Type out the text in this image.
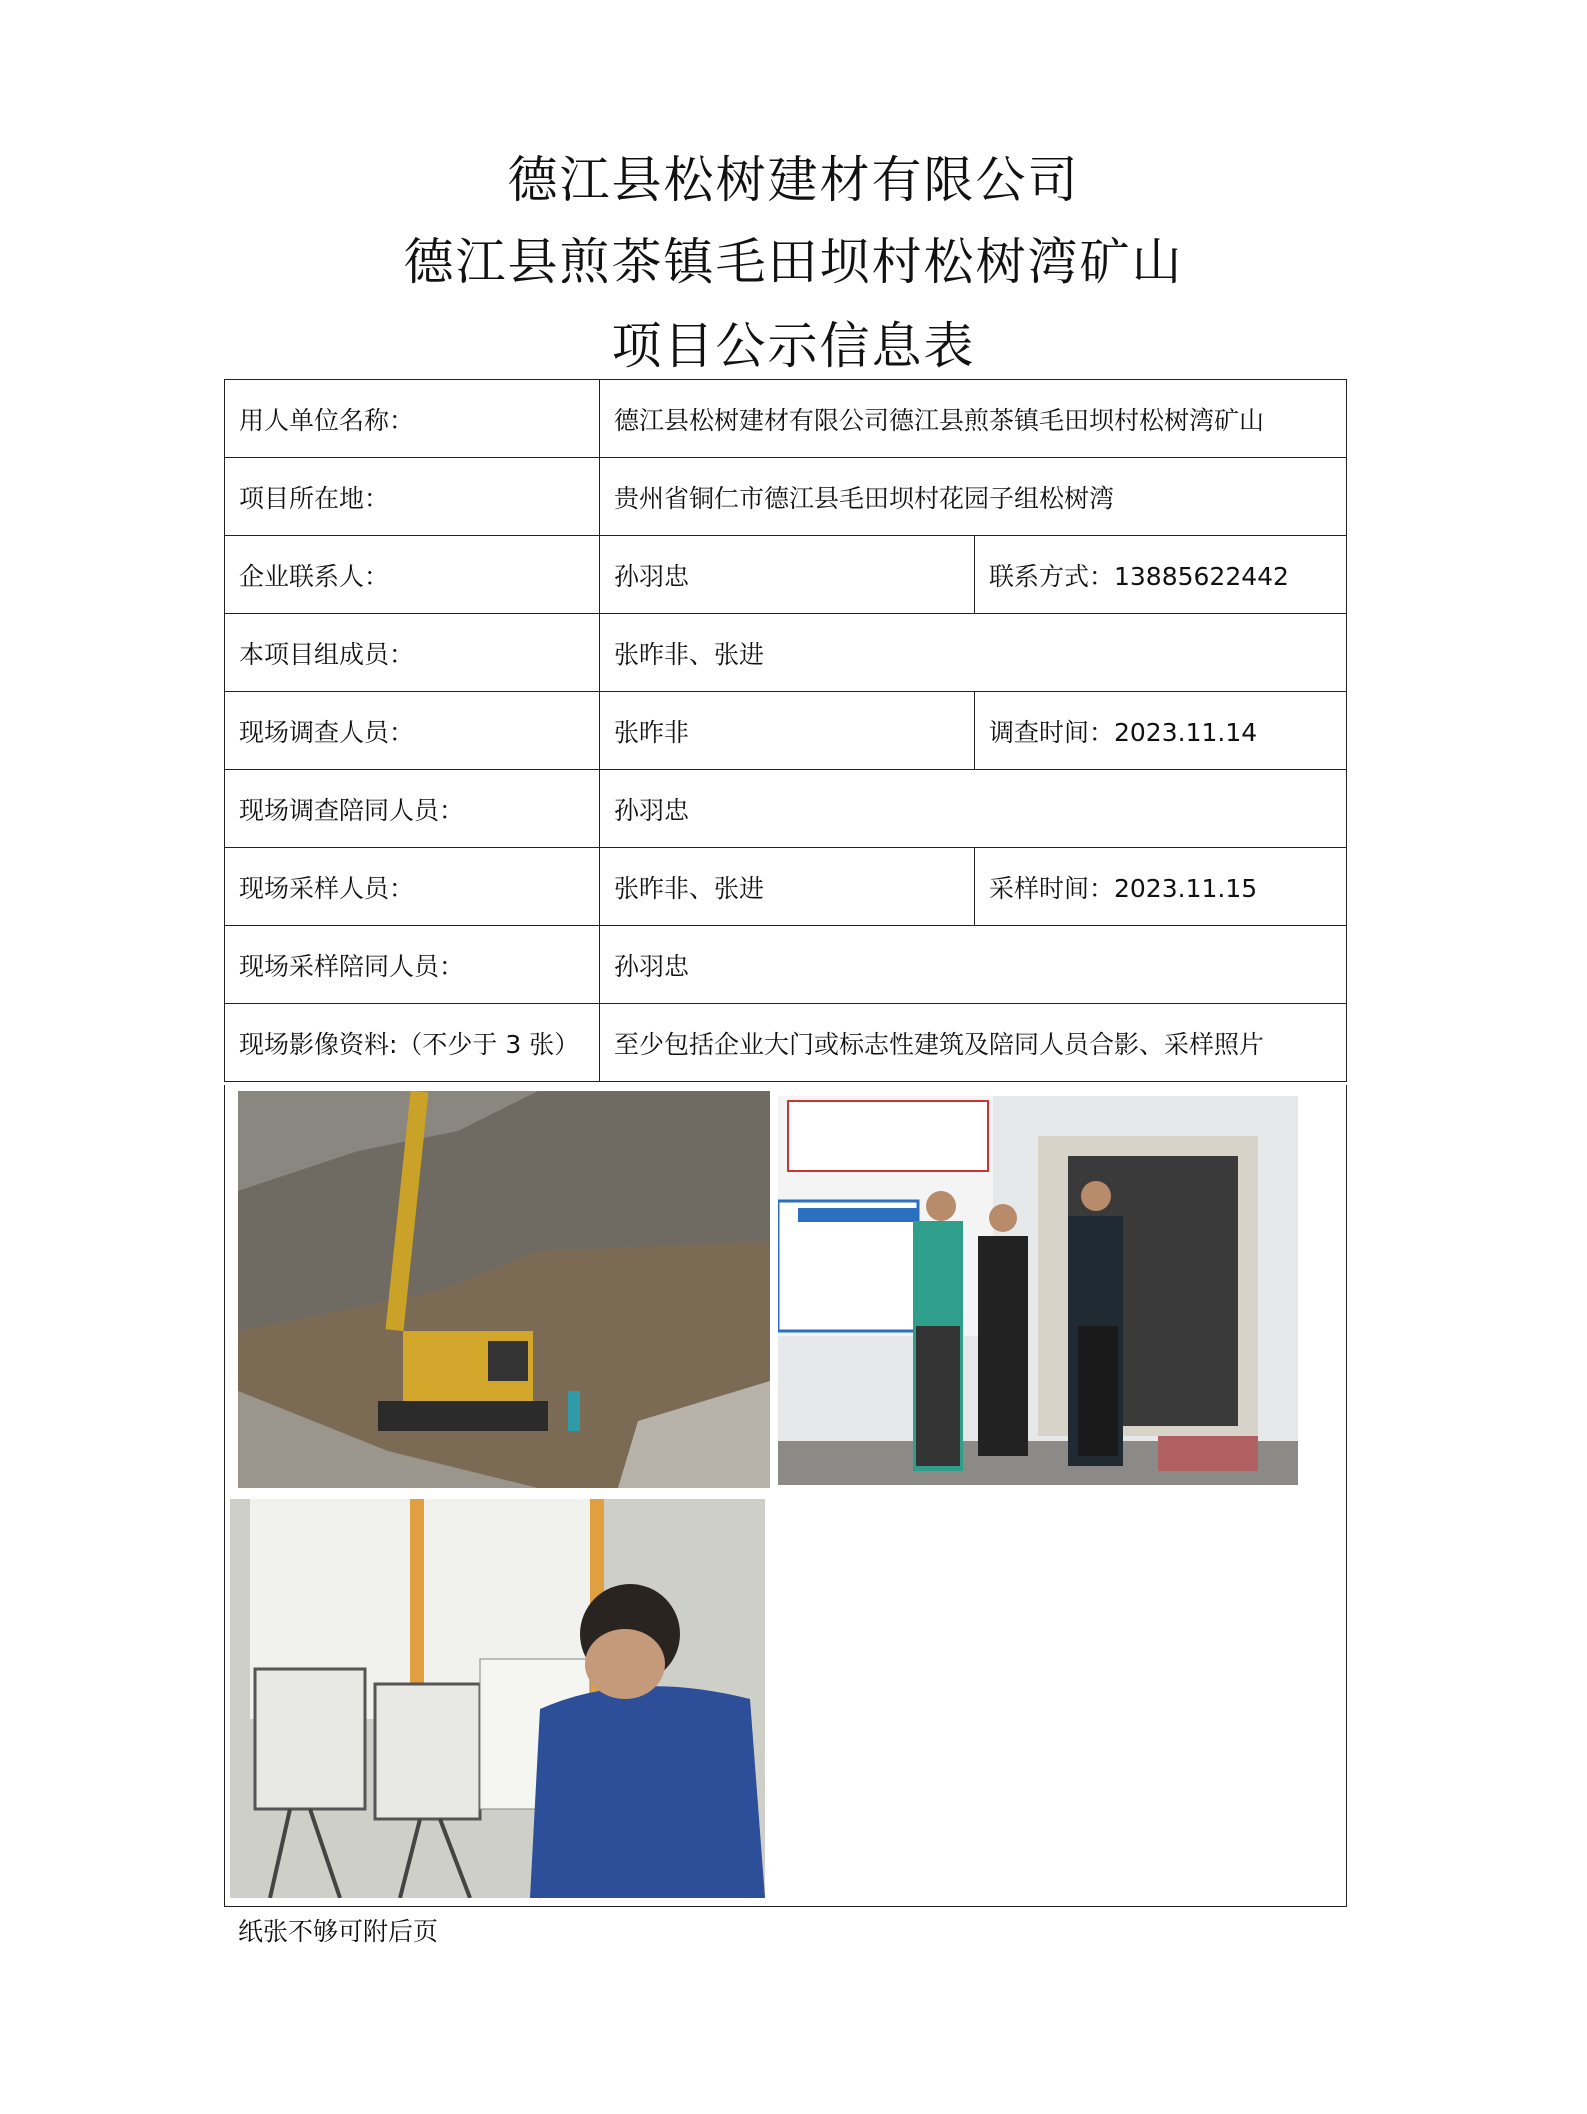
德江县松树建材有限公司
德江县煎茶镇毛田坝村松树湾矿山
项目公示信息表
用人单位名称：	德江县松树建材有限公司德江县煎茶镇毛田坝村松树湾矿山	
项目所在地：	贵州省铜仁市德江县毛田坝村花园子组松树湾	
企业联系人：	孙羽忠	联系方式：13885622442
本项目组成员：	张昨非、张进	
现场调查人员：	张昨非	调查时间：2023.11.14
现场调查陪同人员：	孙羽忠	
现场采样人员：	张昨非、张进	采样时间：2023.11.15
现场采样陪同人员：	孙羽忠	
现场影像资料:（不少于 3 张）	至少包括企业大门或标志性建筑及陪同人员合影、采样照片	
纸张不够可附后页
